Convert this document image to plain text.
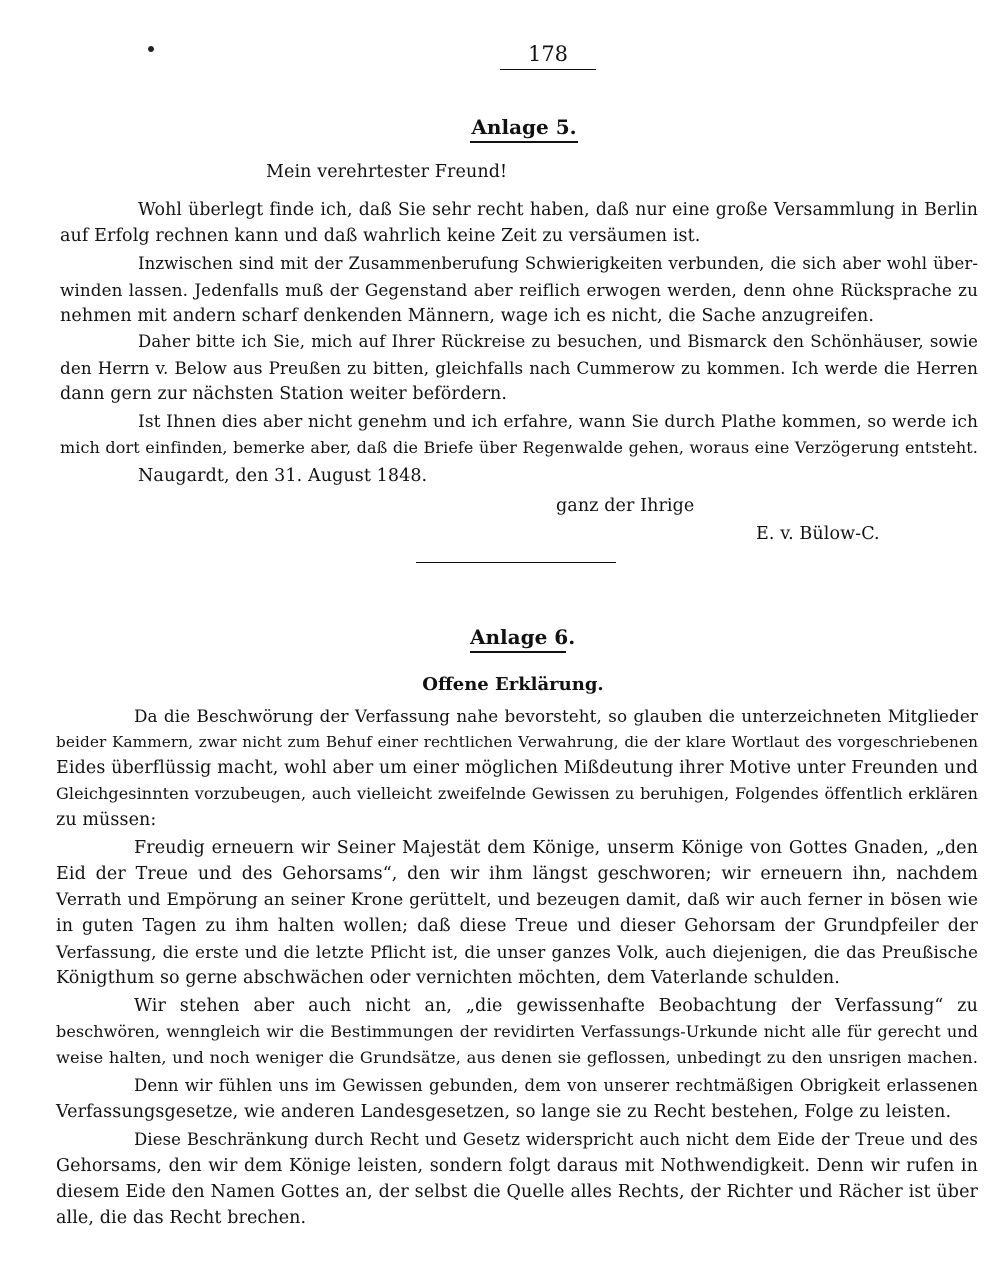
178
Anlage 5.
Mein verehrtester Freund!
Wohl überlegt finde ich, daß Sie sehr recht haben, daß nur eine große Versammlung in Berlin
auf Erfolg rechnen kann und daß wahrlich keine Zeit zu versäumen ist.
Inzwischen sind mit der Zusammenberufung Schwierigkeiten verbunden, die sich aber wohl über-
winden lassen. Jedenfalls muß der Gegenstand aber reiflich erwogen werden, denn ohne Rücksprache zu
nehmen mit andern scharf denkenden Männern, wage ich es nicht, die Sache anzugreifen.
Daher bitte ich Sie, mich auf Ihrer Rückreise zu besuchen, und Bismarck den Schönhäuser, sowie
den Herrn v. Below aus Preußen zu bitten, gleichfalls nach Cummerow zu kommen. Ich werde die Herren
dann gern zur nächsten Station weiter befördern.
Ist Ihnen dies aber nicht genehm und ich erfahre, wann Sie durch Plathe kommen, so werde ich
mich dort einfinden, bemerke aber, daß die Briefe über Regenwalde gehen, woraus eine Verzögerung entsteht.
Naugardt, den 31. August 1848.
ganz der Ihrige
E. v. Bülow-C.
Anlage 6.
Offene Erklärung.
Da die Beschwörung der Verfassung nahe bevorsteht, so glauben die unterzeichneten Mitglieder
beider Kammern, zwar nicht zum Behuf einer rechtlichen Verwahrung, die der klare Wortlaut des vorgeschriebenen
Eides überflüssig macht, wohl aber um einer möglichen Mißdeutung ihrer Motive unter Freunden und
Gleichgesinnten vorzubeugen, auch vielleicht zweifelnde Gewissen zu beruhigen, Folgendes öffentlich erklären
zu müssen:
Freudig erneuern wir Seiner Majestät dem Könige, unserm Könige von Gottes Gnaden, „den
Eid der Treue und des Gehorsams“, den wir ihm längst geschworen; wir erneuern ihn, nachdem
Verrath und Empörung an seiner Krone gerüttelt, und bezeugen damit, daß wir auch ferner in bösen wie
in guten Tagen zu ihm halten wollen; daß diese Treue und dieser Gehorsam der Grundpfeiler der
Verfassung, die erste und die letzte Pflicht ist, die unser ganzes Volk, auch diejenigen, die das Preußische
Königthum so gerne abschwächen oder vernichten möchten, dem Vaterlande schulden.
Wir stehen aber auch nicht an, „die gewissenhafte Beobachtung der Verfassung“ zu
beschwören, wenngleich wir die Bestimmungen der revidirten Verfassungs-Urkunde nicht alle für gerecht und
weise halten, und noch weniger die Grundsätze, aus denen sie geflossen, unbedingt zu den unsrigen machen.
Denn wir fühlen uns im Gewissen gebunden, dem von unserer rechtmäßigen Obrigkeit erlassenen
Verfassungsgesetze, wie anderen Landesgesetzen, so lange sie zu Recht bestehen, Folge zu leisten.
Diese Beschränkung durch Recht und Gesetz widerspricht auch nicht dem Eide der Treue und des
Gehorsams, den wir dem Könige leisten, sondern folgt daraus mit Nothwendigkeit. Denn wir rufen in
diesem Eide den Namen Gottes an, der selbst die Quelle alles Rechts, der Richter und Rächer ist über
alle, die das Recht brechen.
